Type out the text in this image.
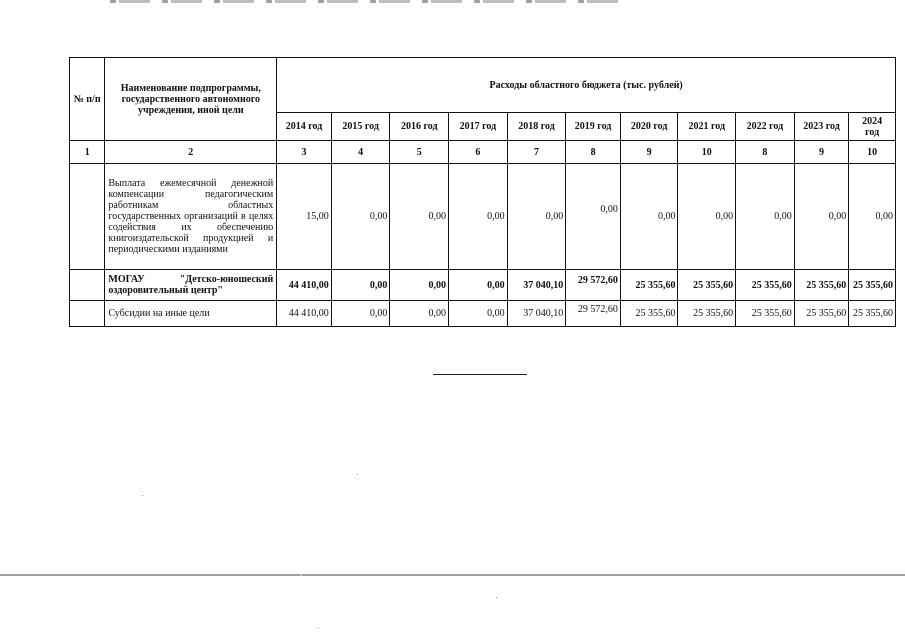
№ п/п	Наименование подпрограммы, государственного автономного учреждения, иной цели	Расходы областного бюджета (тыс. рублей)										
		2014 год	2015 год	2016 год	2017 год	2018 год	2019 год	2020 год	2021 год	2022 год	2023 год	2024 год
1	2	3	4	5	6	7	8	9	10	8	9	10
	Выплата ежемесячной денежной компенсации педагогическим работникам областных государственных организаций в целях содействия их обеспечению книгоиздательской продукцией и периодическими изданиями	15,00	0,00	0,00	0,00	0,00	0,00	0,00	0,00	0,00	0,00	0,00
	МОГАУ "Детско-юношеский оздоровительный центр"	44 410,00	0,00	0,00	0,00	37 040,10	29 572,60	25 355,60	25 355,60	25 355,60	25 355,60	25 355,60
	Субсидии на иные цели	44 410,00	0,00	0,00	0,00	37 040,10	29 572,60	25 355,60	25 355,60	25 355,60	25 355,60	25 355,60
